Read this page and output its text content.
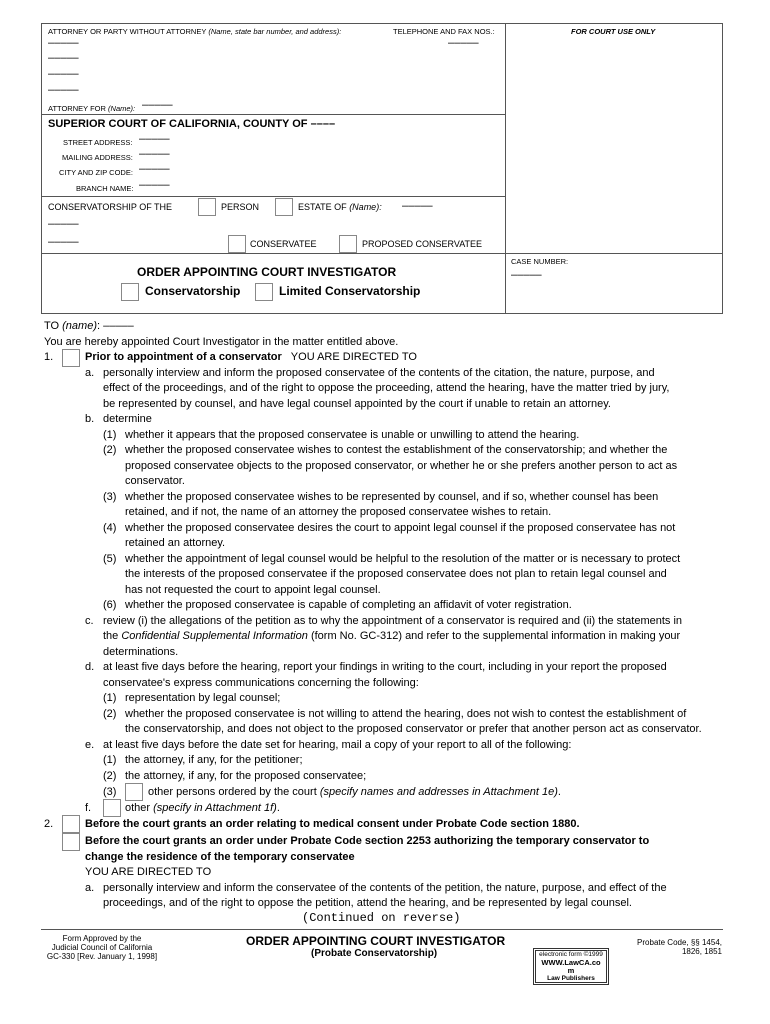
ATTORNEY OR PARTY WITHOUT ATTORNEY (Name, state bar number, and address):	TELEPHONE AND FAX NOS.:	FOR COURT USE ONLY
–––––	–––––
–––––
–––––
–––––
ATTORNEY FOR (Name): –––––
SUPERIOR COURT OF CALIFORNIA, COUNTY OF ––––
STREET ADDRESS: –––––
MAILING ADDRESS: –––––
CITY AND ZIP CODE: –––––
BRANCH NAME: –––––
CONSERVATORSHIP OF THE	PERSON	ESTATE OF (Name): –––––
–––––
–––––	CONSERVATEE	PROPOSED CONSERVATEE
ORDER APPOINTING COURT INVESTIGATOR
Conservatorship	Limited Conservatorship
CASE NUMBER:
–––––
TO (name): –––––
You are hereby appointed Court Investigator in the matter entitled above.
1.	Prior to appointment of a conservator YOU ARE DIRECTED TO
a. personally interview and inform the proposed conservatee of the contents of the citation, the nature, purpose, and
effect of the proceedings, and of the right to oppose the proceeding, attend the hearing, have the matter tried by jury,
be represented by counsel, and have legal counsel appointed by the court if unable to retain an attorney.
b. determine
(1) whether it appears that the proposed conservatee is unable or unwilling to attend the hearing.
(2) whether the proposed conservatee wishes to contest the establishment of the conservatorship; and whether the
proposed conservatee objects to the proposed conservator, or whether he or she prefers another person to act as
conservator.
(3) whether the proposed conservatee wishes to be represented by counsel, and if so, whether counsel has been
retained, and if not, the name of an attorney the proposed conservatee wishes to retain.
(4) whether the proposed conservatee desires the court to appoint legal counsel if the proposed conservatee has not
retained an attorney.
(5) whether the appointment of legal counsel would be helpful to the resolution of the matter or is necessary to protect
the interests of the proposed conservatee if the proposed conservatee does not plan to retain legal counsel and
has not requested the court to appoint legal counsel.
(6) whether the proposed conservatee is capable of completing an affidavit of voter registration.
c. review (i) the allegations of the petition as to why the appointment of a conservator is required and (ii) the statements in
the Confidential Supplemental Information (form No. GC-312) and refer to the supplemental information in making your
determinations.
d. at least five days before the hearing, report your findings in writing to the court, including in your report the proposed
conservatee's express communications concerning the following:
(1) representation by legal counsel;
(2) whether the proposed conservatee is not willing to attend the hearing, does not wish to contest the establishment of
the conservatorship, and does not object to the proposed conservator or prefer that another person act as conservator.
e. at least five days before the date set for hearing, mail a copy of your report to all of the following:
(1) the attorney, if any, for the petitioner;
(2) the attorney, if any, for the proposed conservatee;
(3)	other persons ordered by the court (specify names and addresses in Attachment 1e).
f.	other (specify in Attachment 1f).
2.	Before the court grants an order relating to medical consent under Probate Code section 1880.
Before the court grants an order under Probate Code section 2253 authorizing the temporary conservator to
change the residence of the temporary conservatee
YOU ARE DIRECTED TO
a. personally interview and inform the conservatee of the contents of the petition, the nature, purpose, and effect of the
proceedings, and of the right to oppose the petition, attend the hearing, and be represented by legal counsel.
(Continued on reverse)
Form Approved by the
Judicial Council of California
GC-330 [Rev. January 1, 1998]
ORDER APPOINTING COURT INVESTIGATOR
(Probate Conservatorship)
Probate Code, §§ 1454,
1826, 1851
electronic form ©1999
WWW.LawCA.co
m
Law Publishers
